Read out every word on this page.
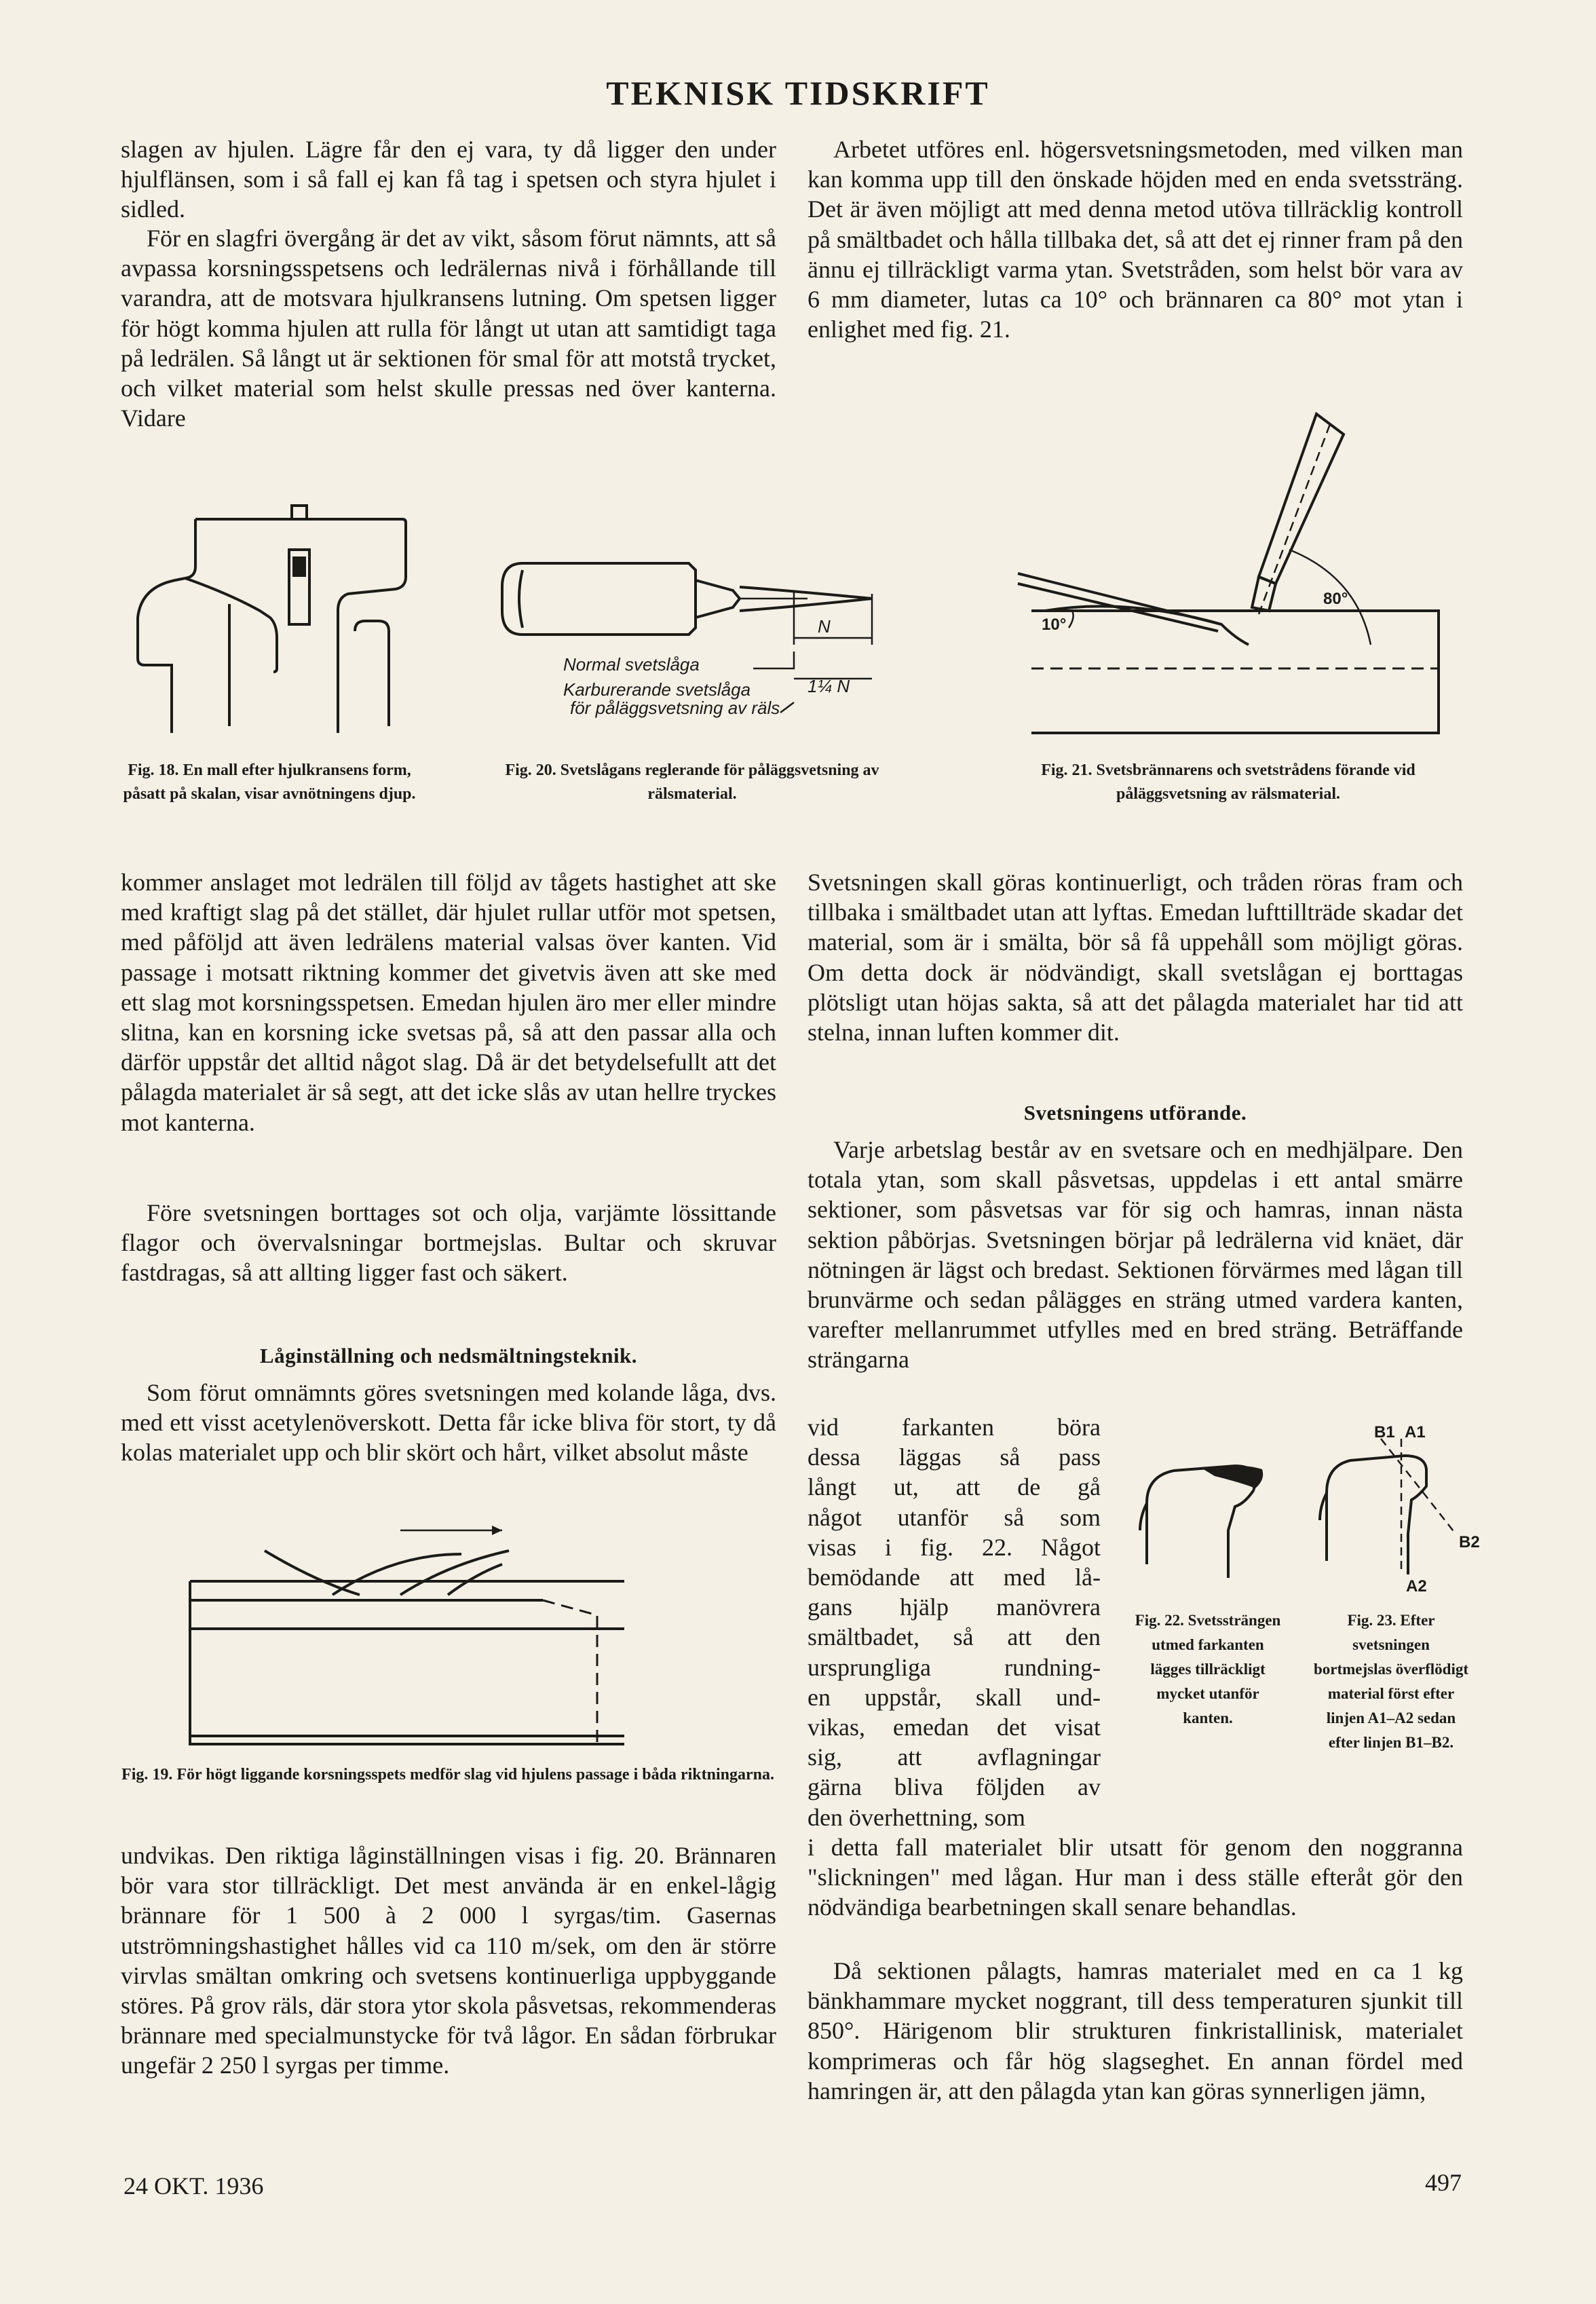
TEKNISK TIDSKRIFT

slagen av hjulen. Lägre får den ej vara, ty då ligger den under hjulflänsen, som i så fall ej kan få tag i spetsen och styra hjulet i sidled.

För en slagfri övergång är det av vikt, såsom förut nämnts, att så avpassa korsningsspetsens och ledrälernas nivå i förhållande till varandra, att de motsvara hjulkransens lutning. Om spetsen ligger för högt komma hjulen att rulla för långt ut utan att samtidigt taga på ledrälen. Så långt ut är sektionen för smal för att motstå trycket, och vilket material som helst skulle pressas ned över kanterna. Vidare

Arbetet utföres enl. högersvetsningsmetoden, med vilken man kan komma upp till den önskade höjden med en enda svetssträng. Det är även möjligt att med denna metod utöva tillräcklig kontroll på smältbadet och hålla tillbaka det, så att det ej rinner fram på den ännu ej tillräckligt varma ytan. Svetstråden, som helst bör vara av 6 mm diameter, lutas ca 10° och brännaren ca 80° mot ytan i enlighet med fig. 21.

Fig. 18. En mall efter hjulkransens form, påsatt på skalan, visar avnötningens djup.
N
Normal svetslåga
1¼ N
Karburerande svetslåga
för påläggsvetsning av räls
Fig. 20. Svetslågans reglerande för påläggsvetsning av rälsmaterial.
80°
10°
Fig. 21. Svetsbrännarens och svetstrådens förande vid påläggsvetsning av rälsmaterial.

kommer anslaget mot ledrälen till följd av tågets hastighet att ske med kraftigt slag på det stället, där hjulet rullar utför mot spetsen, med påföljd att även ledrälens material valsas över kanten. Vid passage i motsatt riktning kommer det givetvis även att ske med ett slag mot korsningsspetsen. Emedan hjulen äro mer eller mindre slitna, kan en korsning icke svetsas på, så att den passar alla och därför uppstår det alltid något slag. Då är det betydelsefullt att det pålagda materialet är så segt, att det icke slås av utan hellre tryckes mot kanterna.

Före svetsningen borttages sot och olja, varjämte lössittande flagor och övervalsningar bortmejslas. Bultar och skruvar fastdragas, så att allting ligger fast och säkert.

Låginställning och nedsmältningsteknik.

Som förut omnämnts göres svetsningen med kolande låga, dvs. med ett visst acetylenöverskott. Detta får icke bliva för stort, ty då kolas materialet upp och blir skört och hårt, vilket absolut måste

Fig. 19. För högt liggande korsningsspets medför slag vid hjulens passage i båda riktningarna.

undvikas. Den riktiga låginställningen visas i fig. 20. Brännaren bör vara stor tillräckligt. Det mest använda är en enkel-lågig brännare för 1 500 à 2 000 l syrgas/tim. Gasernas utströmningshastighet hålles vid ca 110 m/sek, om den är större virvlas smältan omkring och svetsens kontinuerliga uppbyggande störes. På grov räls, där stora ytor skola påsvetsas, rekommenderas brännare med specialmunstycke för två lågor. En sådan förbrukar ungefär 2 250 l syrgas per timme.

Svetsningen skall göras kontinuerligt, och tråden röras fram och tillbaka i smältbadet utan att lyftas. Emedan lufttillträde skadar det material, som är i smälta, bör så få uppehåll som möjligt göras. Om detta dock är nödvändigt, skall svetslågan ej borttagas plötsligt utan höjas sakta, så att det pålagda materialet har tid att stelna, innan luften kommer dit.

Svetsningens utförande.

Varje arbetslag består av en svetsare och en medhjälpare. Den totala ytan, som skall påsvetsas, uppdelas i ett antal smärre sektioner, som påsvetsas var för sig och hamras, innan nästa sektion påbörjas. Svetsningen börjar på ledrälerna vid knäet, där nötningen är lägst och bredast. Sektionen förvärmes med lågan till brunvärme och sedan pålägges en sträng utmed vardera kanten, varefter mellanrummet utfylles med en bred sträng. Beträffande strängarna

vid farkanten böra
dessa läggas så pass
långt ut, att de gå
något utanför så som
visas i fig. 22. Något
bemödande att med lå-
gans hjälp manövrera
smältbadet, så att den
ursprungliga rundning-
en uppstår, skall und-
vikas, emedan det visat
sig, att avflagningar
gärna bliva följden av
den överhettning, som
Fig. 22. Svetssträngen utmed farkanten lägges tillräckligt mycket utanför kanten.
B1 A1
B2
A2
Fig. 23. Efter svetsningen bortmejslas överflödigt material först efter linjen A1–A2 sedan efter linjen B1–B2.

i detta fall materialet blir utsatt för genom den noggranna "slickningen" med lågan. Hur man i dess ställe efteråt gör den nödvändiga bearbetningen skall senare behandlas.

Då sektionen pålagts, hamras materialet med en ca 1 kg bänkhammare mycket noggrant, till dess temperaturen sjunkit till 850°. Härigenom blir strukturen finkristallinisk, materialet komprimeras och får hög slagseghet. En annan fördel med hamringen är, att den pålagda ytan kan göras synnerligen jämn,

24 OKT. 1936	497
